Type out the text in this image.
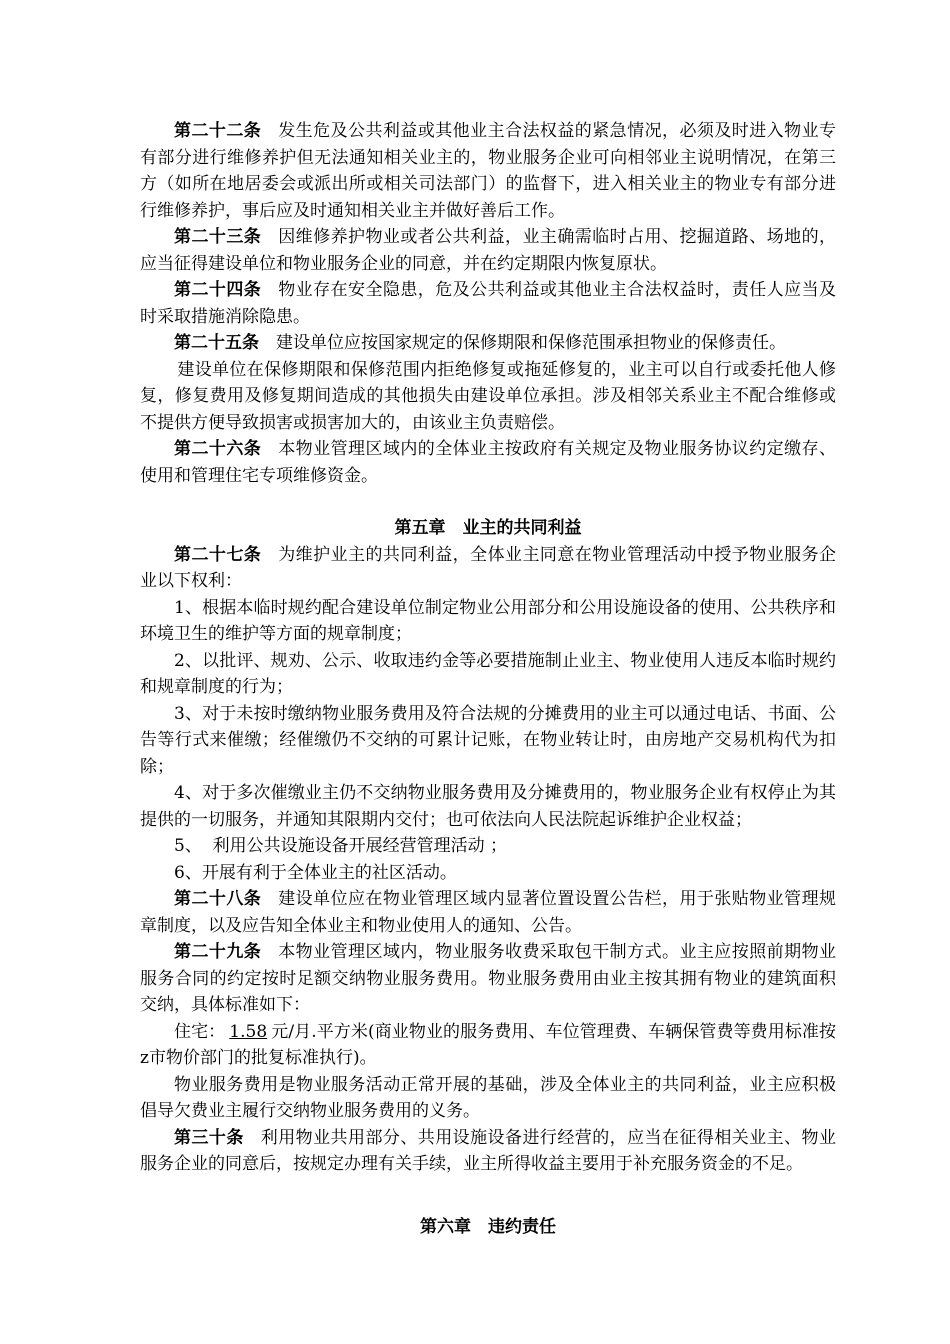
第二十二条 发生危及公共利益或其他业主合法权益的紧急情况，必须及时进入物业专有部分进行维修养护但无法通知相关业主的，物业服务企业可向相邻业主说明情况，在第三方（如所在地居委会或派出所或相关司法部门）的监督下，进入相关业主的物业专有部分进行维修养护，事后应及时通知相关业主并做好善后工作。

第二十三条 因维修养护物业或者公共利益，业主确需临时占用、挖掘道路、场地的，应当征得建设单位和物业服务企业的同意，并在约定期限内恢复原状。

第二十四条 物业存在安全隐患，危及公共利益或其他业主合法权益时，责任人应当及时采取措施消除隐患。

第二十五条 建设单位应按国家规定的保修期限和保修范围承担物业的保修责任。

建设单位在保修期限和保修范围内拒绝修复或拖延修复的，业主可以自行或委托他人修复，修复费用及修复期间造成的其他损失由建设单位承担。涉及相邻关系业主不配合维修或不提供方便导致损害或损害加大的，由该业主负责赔偿。

第二十六条 本物业管理区域内的全体业主按政府有关规定及物业服务协议约定缴存、使用和管理住宅专项维修资金。

第五章 业主的共同利益

第二十七条 为维护业主的共同利益，全体业主同意在物业管理活动中授予物业服务企业以下权利：

1、根据本临时规约配合建设单位制定物业公用部分和公用设施设备的使用、公共秩序和环境卫生的维护等方面的规章制度；

2、以批评、规劝、公示、收取违约金等必要措施制止业主、物业使用人违反本临时规约和规章制度的行为；

3、对于未按时缴纳物业服务费用及符合法规的分摊费用的业主可以通过电话、书面、公告等行式来催缴；经催缴仍不交纳的可累计记账，在物业转让时，由房地产交易机构代为扣除；

4、对于多次催缴业主仍不交纳物业服务费用及分摊费用的，物业服务企业有权停止为其提供的一切服务，并通知其限期内交付；也可依法向人民法院起诉维护企业权益；

5、  利用公共设施设备开展经营管理活动 ；

6、开展有利于全体业主的社区活动。

第二十八条 建设单位应在物业管理区域内显著位置设置公告栏，用于张贴物业管理规章制度，以及应告知全体业主和物业使用人的通知、公告。

第二十九条 本物业管理区域内，物业服务收费采取包干制方式。业主应按照前期物业服务合同的约定按时足额交纳物业服务费用。物业服务费用由业主按其拥有物业的建筑面积交纳，具体标准如下：

住宅： 1.58 元/月.平方米(商业物业的服务费用、车位管理费、车辆保管费等费用标准按z市物价部门的批复标准执行)。

物业服务费用是物业服务活动正常开展的基础，涉及全体业主的共同利益，业主应积极倡导欠费业主履行交纳物业服务费用的义务。

第三十条 利用物业共用部分、共用设施设备进行经营的，应当在征得相关业主、物业服务企业的同意后，按规定办理有关手续，业主所得收益主要用于补充服务资金的不足。

第六章 违约责任
